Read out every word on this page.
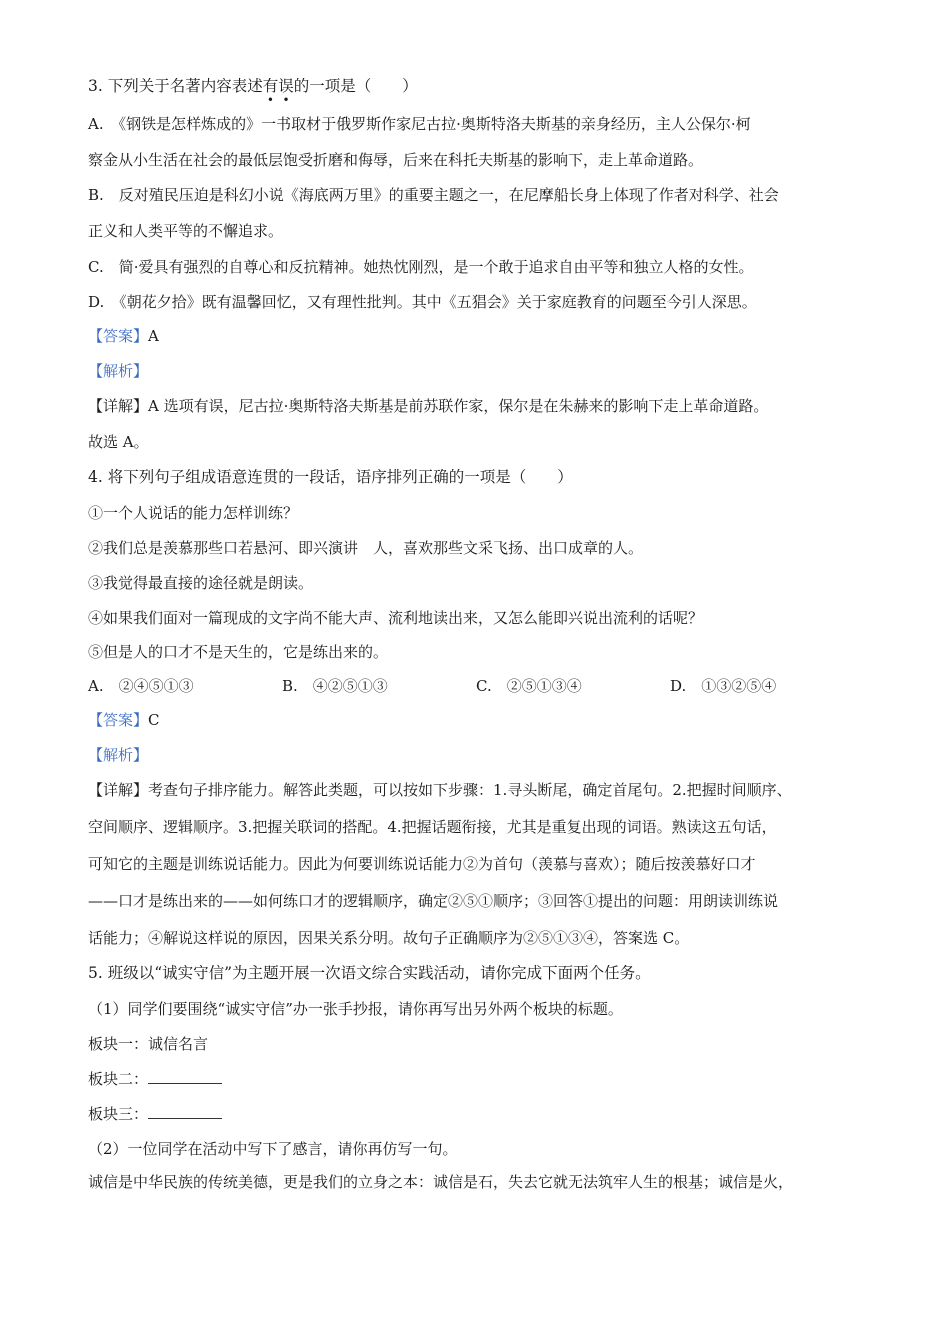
3. 下列关于名著内容表述有误的一项是（　　）
A.　《钢铁是怎样炼成的》一书取材于俄罗斯作家尼古拉·奥斯特洛夫斯基的亲身经历，主人公保尔·柯
察金从小生活在社会的最低层饱受折磨和侮辱，后来在科托夫斯基的影响下，走上革命道路。
B.　反对殖民压迫是科幻小说《海底两万里》的重要主题之一，在尼摩船长身上体现了作者对科学、社会
正义和人类平等的不懈追求。
C.　简·爱具有强烈的自尊心和反抗精神。她热忱刚烈，是一个敢于追求自由平等和独立人格的女性。
D.　《朝花夕拾》既有温馨回忆，又有理性批判。其中《五猖会》关于家庭教育的问题至今引人深思。
【答案】A
【解析】
【详解】A 选项有误，尼古拉·奥斯特洛夫斯基是前苏联作家，保尔是在朱赫来的影响下走上革命道路。
故选 A。
4. 将下列句子组成语意连贯的一段话，语序排列正确的一项是（　　）
①一个人说话的能力怎样训练？
②我们总是羡慕那些口若悬河、即兴演讲　人，喜欢那些文采飞扬、出口成章的人。
③我觉得最直接的途径就是朗读。
④如果我们面对一篇现成的文字尚不能大声、流利地读出来，又怎么能即兴说出流利的话呢？
⑤但是人的口才不是天生的，它是练出来的。
A.　②④⑤①③	B.　④②⑤①③	C.　②⑤①③④	D.　①③②⑤④
【答案】C
【解析】
【详解】考查句子排序能力。解答此类题，可以按如下步骤：1.寻头断尾，确定首尾句。2.把握时间顺序、
空间顺序、逻辑顺序。3.把握关联词的搭配。4.把握话题衔接，尤其是重复出现的词语。熟读这五句话，
可知它的主题是训练说话能力。因此为何要训练说话能力②为首句（羡慕与喜欢）；随后按羡慕好口才
——口才是练出来的——如何练口才的逻辑顺序，确定②⑤①顺序；③回答①提出的问题：用朗读训练说
话能力；④解说这样说的原因，因果关系分明。故句子正确顺序为②⑤①③④，答案选 C。
5. 班级以“诚实守信”为主题开展一次语文综合实践活动，请你完成下面两个任务。
（1）同学们要围绕“诚实守信”办一张手抄报，请你再写出另外两个板块的标题。
板块一：诚信名言
板块二：
板块三：
（2）一位同学在活动中写下了感言，请你再仿写一句。
诚信是中华民族的传统美德，更是我们的立身之本：诚信是石，失去它就无法筑牢人生的根基；诚信是火，
